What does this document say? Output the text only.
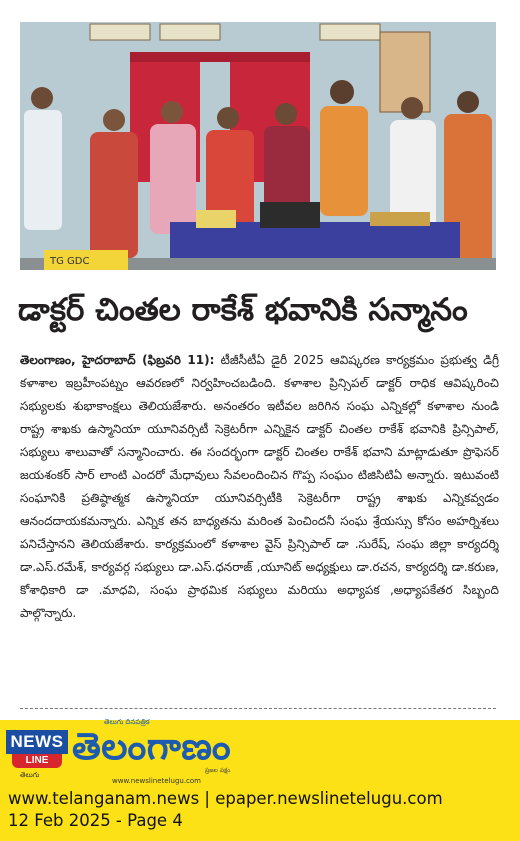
TG GDC
డాక్టర్ చింతల రాకేశ్ భవానికి సన్మానం

తెలంగాణం, హైదరాబాద్ (ఫిబ్రవరి 11): టీజీసీటీఏ డైరీ 2025 ఆవిష్కరణ కార్యక్రమం ప్రభుత్వ డిగ్రీ కళాశాల ఇబ్రహీంపట్నం ఆవరణలో నిర్వహించబడింది. కళాశాల ప్రిన్సిపల్ డాక్టర్ రాధిక ఆవిష్కరించి సభ్యులకు శుభాకాంక్షలు తెలియజేశారు. అనంతరం ఇటీవల జరిగిన సంఘ ఎన్నికల్లో కళాశాల నుండి రాష్ట్ర శాఖకు ఉస్మానియా యూనివర్సిటీ సెక్రెటరీగా ఎన్నికైన డాక్టర్ చింతల రాకేశ్ భవానికి ప్రిన్సిపాల్, సభ్యులు శాలువాతో సన్మానించారు. ఈ సందర్భంగా డాక్టర్ చింతల రాకేశ్ భవాని మాట్లాడుతూ ప్రొఫెసర్ జయశంకర్ సార్ లాంటి ఎందరో మేధావులు సేవలందించిన గొప్ప సంఘం టిజిసిటిఏ అన్నారు. ఇటువంటి సంఘానికి ప్రతిష్ఠాత్మక ఉస్మానియా యూనివర్సిటీకి సెక్రెటరీగా రాష్ట్ర శాఖకు ఎన్నికవ్వడం ఆనందదాయకమన్నారు. ఎన్నిక తన బాధ్యతను మరింత పెంచిందనీ సంఘ శ్రేయస్సు కోసం అహర్నిశలు పనిచేస్తానని తెలియజేశారు. కార్యక్రమంలో కళాశాల వైస్ ప్రిన్సిపాల్ డా .సురేష్, సంఘ జిల్లా కార్యదర్శి డా.ఎస్.రమేశ్, కార్యవర్గ సభ్యులు డా.ఎస్.ధనరాజ్ ,యూనిట్ అధ్యక్షులు డా.రచన, కార్యదర్శి డా.కరుణ, కోశాధికారి డా .మాధవి, సంఘ ప్రాథమిక సభ్యులు మరియు అధ్యాపక ,అధ్యాపకేతర సిబ్బంది పాల్గొన్నారు.

NEWS
LINE
తెలుగు
తెలుగు దినపత్రిక
తెలంగాణం
ప్రజల పక్షం
www.newslinetelugu.com
www.telanganam.news | epaper.newslinetelugu.com
12 Feb 2025 - Page 4
